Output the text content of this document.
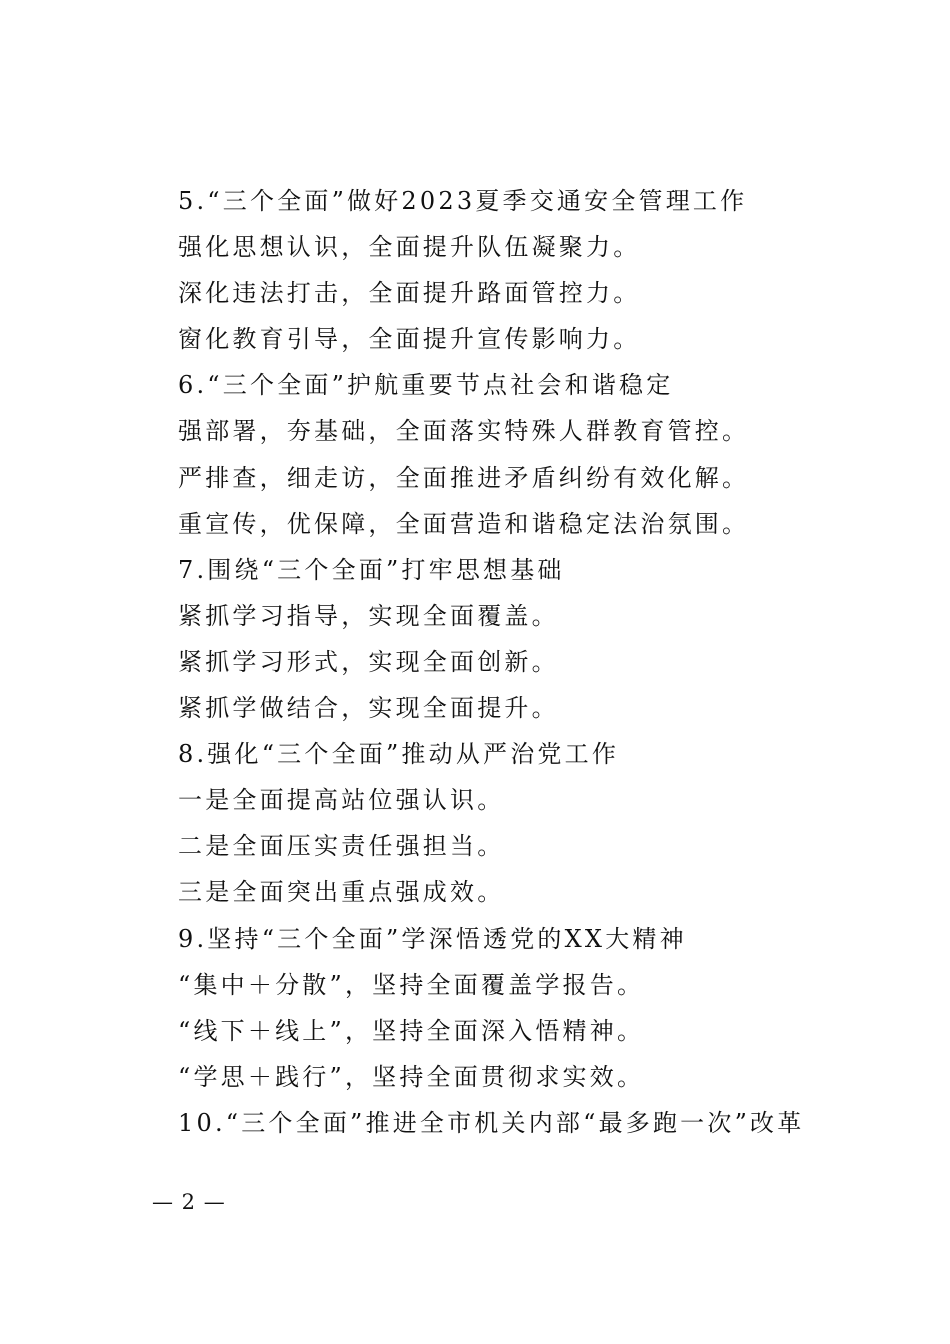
5.“三个全面”做好2023夏季交通安全管理工作
强化思想认识，全面提升队伍凝聚力。
深化违法打击，全面提升路面管控力。
窗化教育引导，全面提升宣传影响力。
6.“三个全面”护航重要节点社会和谐稳定
强部署，夯基础，全面落实特殊人群教育管控。
严排查，细走访，全面推进矛盾纠纷有效化解。
重宣传，优保障，全面营造和谐稳定法治氛围。
7.围绕“三个全面”打牢思想基础
紧抓学习指导，实现全面覆盖。
紧抓学习形式，实现全面创新。
紧抓学做结合，实现全面提升。
8.强化“三个全面”推动从严治党工作
一是全面提高站位强认识。
二是全面压实责任强担当。
三是全面突出重点强成效。
9.坚持“三个全面”学深悟透党的XX大精神
“集中＋分散”，坚持全面覆盖学报告。
“线下＋线上”，坚持全面深入悟精神。
“学思＋践行”，坚持全面贯彻求实效。
10.“三个全面”推进全市机关内部“最多跑一次”改革
— 2 —
